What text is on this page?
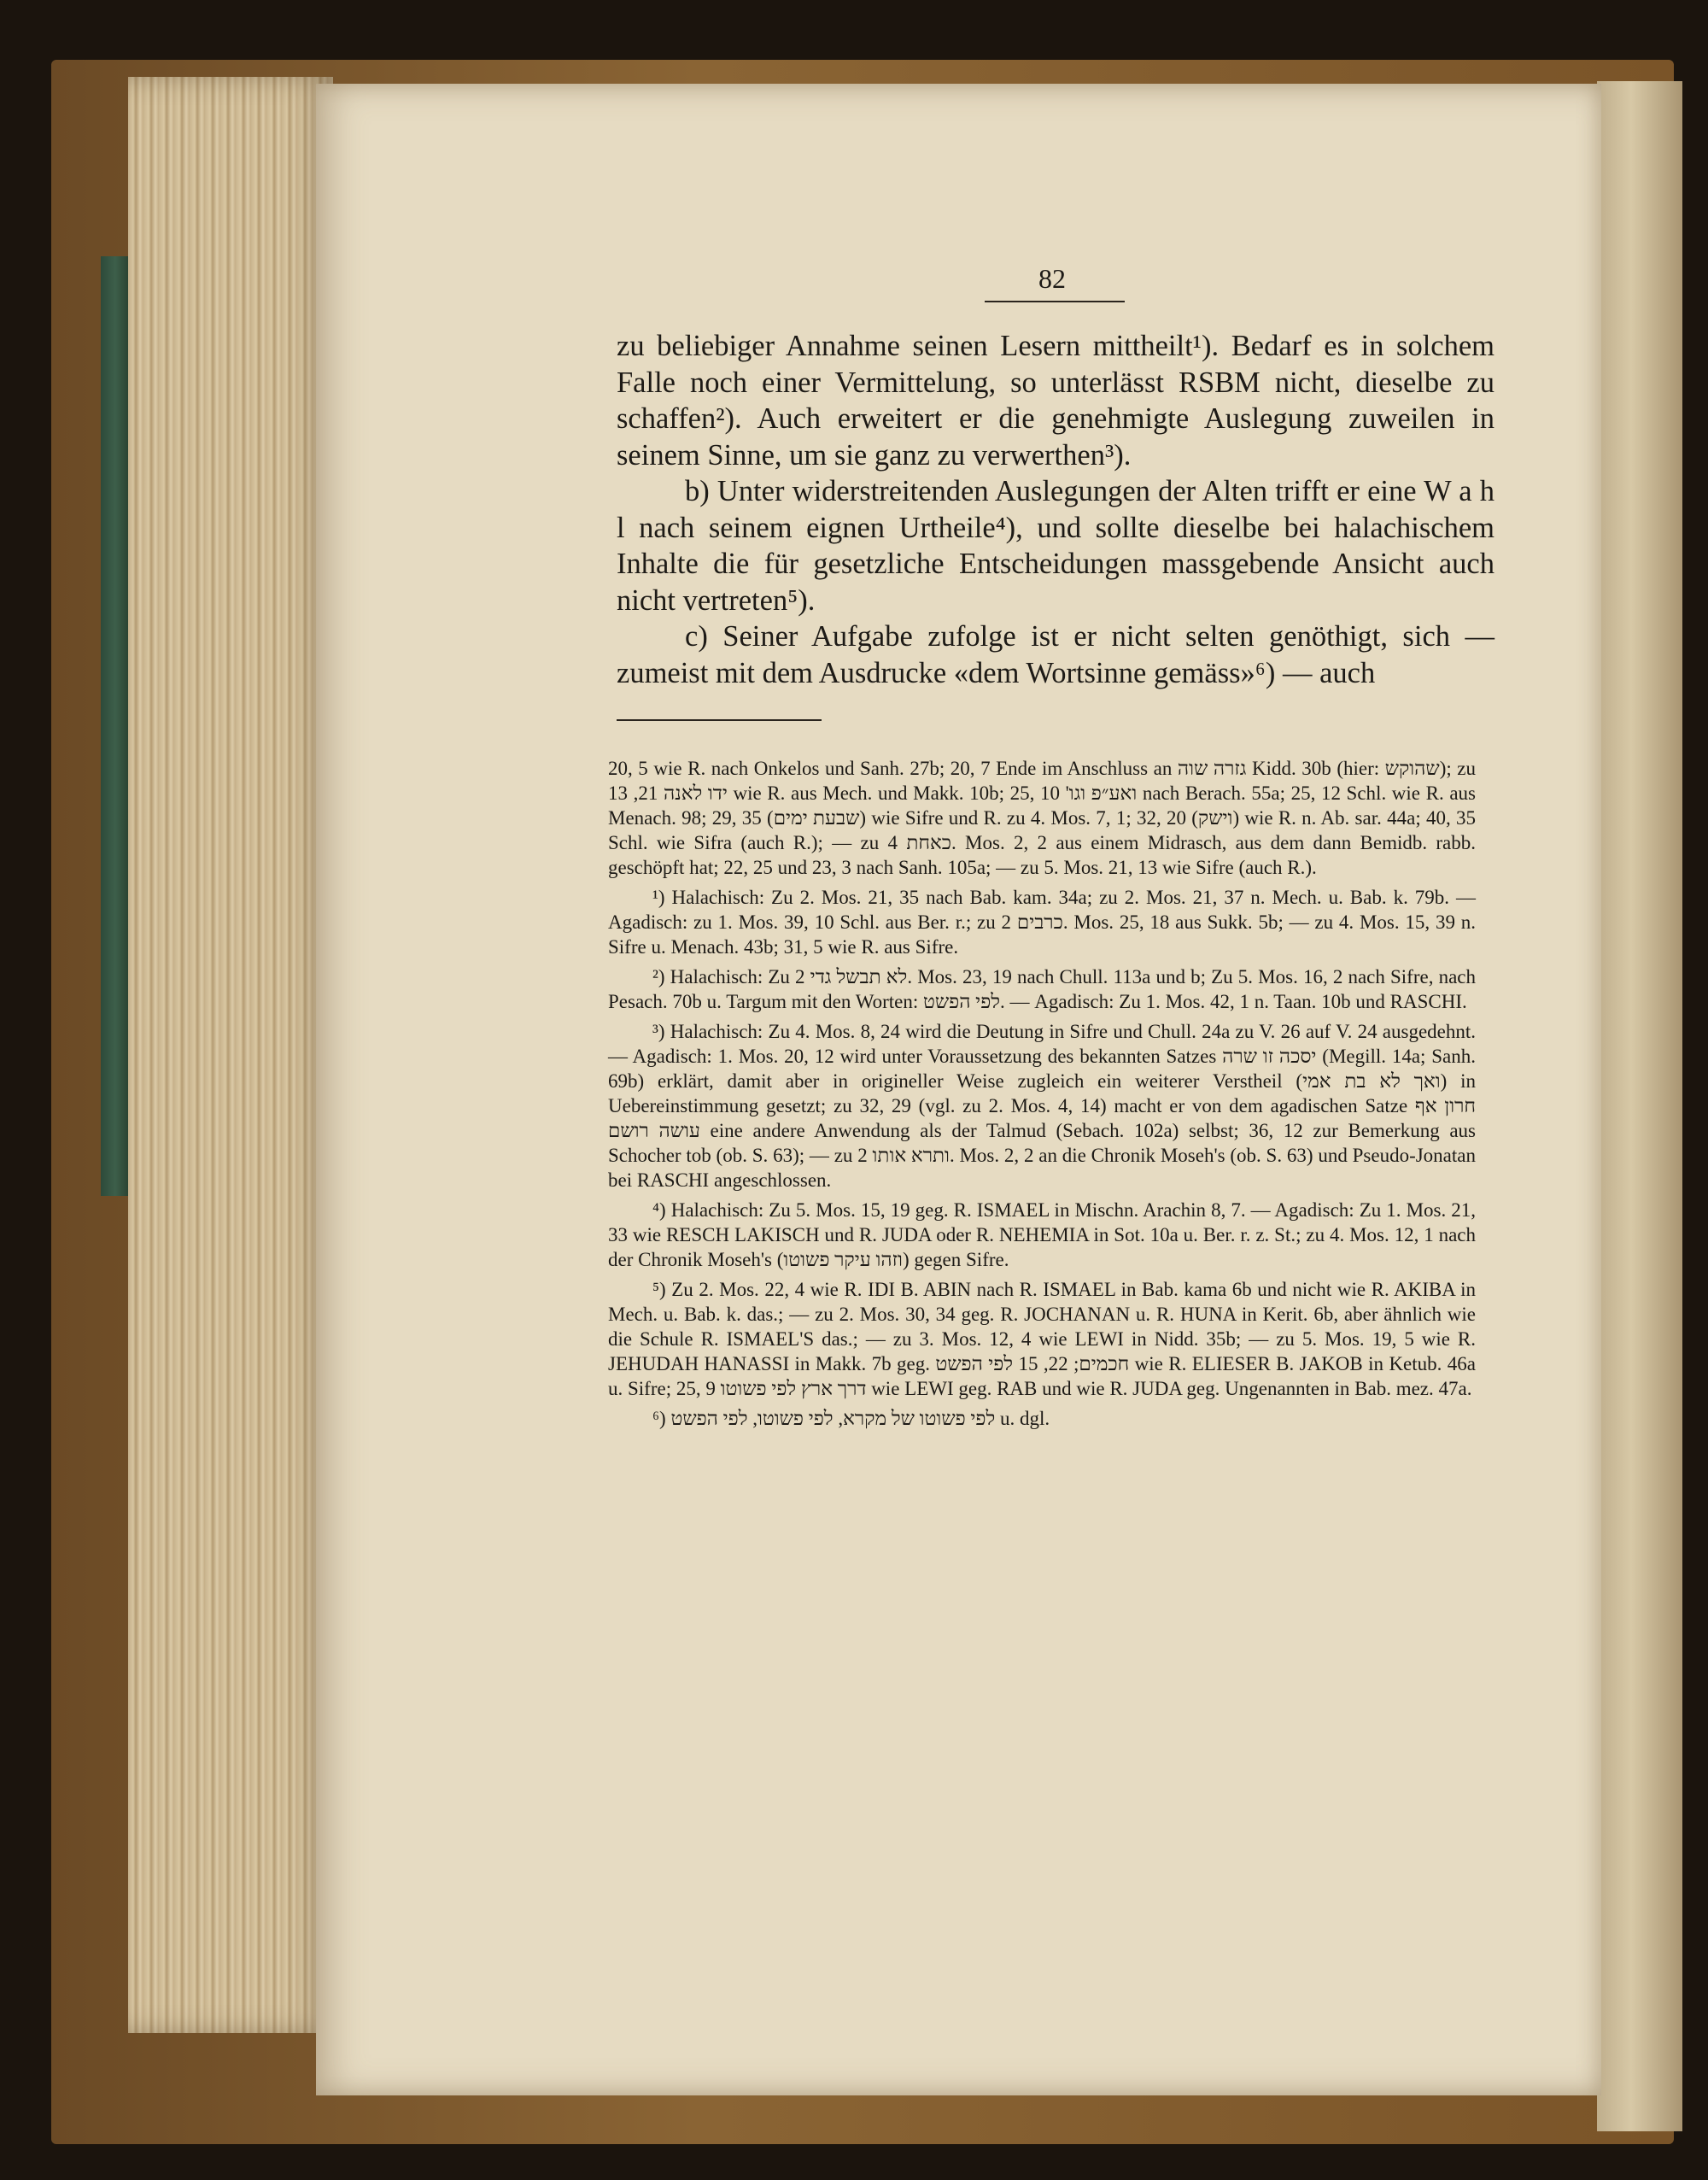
82

zu beliebiger Annahme seinen Lesern mittheilt¹). Bedarf es in solchem Falle noch einer Vermittelung, so unterlässt RSBM nicht, dieselbe zu schaffen²). Auch erweitert er die genehmigte Auslegung zuweilen in seinem Sinne, um sie ganz zu verwerthen³).

b) Unter widerstreitenden Auslegungen der Alten trifft er eine W a h l nach seinem eignen Urtheile⁴), und sollte dieselbe bei halachischem Inhalte die für gesetzliche Entscheidungen massgebende Ansicht auch nicht vertreten⁵).

c) Seiner Aufgabe zufolge ist er nicht selten genöthigt, sich — zumeist mit dem Ausdrucke «dem Wortsinne gemäss»⁶) — auch

20, 5 wie R. nach Onkelos und Sanh. 27b; 20, 7 Ende im Anschluss an גזרה שוה Kidd. 30b (hier: שהוקש); zu ידו לאנה 21, 13 wie R. aus Mech. und Makk. 10b; 25, 10 'ואע״פ וגו nach Berach. 55a; 25, 12 Schl. wie R. aus Menach. 98; 29, 35 (שבעת ימים) wie Sifre und R. zu 4. Mos. 7, 1; 32, 20 (וישק) wie R. n. Ab. sar. 44a; 40, 35 Schl. wie Sifra (auch R.); — zu כאחת 4. Mos. 2, 2 aus einem Midrasch, aus dem dann Bemidb. rabb. geschöpft hat; 22, 25 und 23, 3 nach Sanh. 105a; — zu 5. Mos. 21, 13 wie Sifre (auch R.).

¹) Halachisch: Zu 2. Mos. 21, 35 nach Bab. kam. 34a; zu 2. Mos. 21, 37 n. Mech. u. Bab. k. 79b. — Agadisch: zu 1. Mos. 39, 10 Schl. aus Ber. r.; zu כרבים 2. Mos. 25, 18 aus Sukk. 5b; — zu 4. Mos. 15, 39 n. Sifre u. Menach. 43b; 31, 5 wie R. aus Sifre.

²) Halachisch: Zu לא תבשל גדי 2. Mos. 23, 19 nach Chull. 113a und b; Zu 5. Mos. 16, 2 nach Sifre, nach Pesach. 70b u. Targum mit den Worten: לפי הפשט. — Agadisch: Zu 1. Mos. 42, 1 n. Taan. 10b und RASCHI.

³) Halachisch: Zu 4. Mos. 8, 24 wird die Deutung in Sifre und Chull. 24a zu V. 26 auf V. 24 ausgedehnt. — Agadisch: 1. Mos. 20, 12 wird unter Voraussetzung des bekannten Satzes יסכה זו שרה (Megill. 14a; Sanh. 69b) erklärt, damit aber in origineller Weise zugleich ein weiterer Verstheil (ואך לא בת אמי) in Uebereinstimmung gesetzt; zu 32, 29 (vgl. zu 2. Mos. 4, 14) macht er von dem agadischen Satze חרון אף עושה רושם eine andere Anwendung als der Talmud (Sebach. 102a) selbst; 36, 12 zur Bemerkung aus Schocher tob (ob. S. 63); — zu ותרא אותו 2. Mos. 2, 2 an die Chronik Moseh's (ob. S. 63) und Pseudo-Jonatan bei RASCHI angeschlossen.

⁴) Halachisch: Zu 5. Mos. 15, 19 geg. R. ISMAEL in Mischn. Arachin 8, 7. — Agadisch: Zu 1. Mos. 21, 33 wie RESCH LAKISCH und R. JUDA oder R. NEHEMIA in Sot. 10a u. Ber. r. z. St.; zu 4. Mos. 12, 1 nach der Chronik Moseh's (וזהו עיקר פשוטו) gegen Sifre.

⁵) Zu 2. Mos. 22, 4 wie R. IDI B. ABIN nach R. ISMAEL in Bab. kama 6b und nicht wie R. AKIBA in Mech. u. Bab. k. das.; — zu 2. Mos. 30, 34 geg. R. JOCHANAN u. R. HUNA in Kerit. 6b, aber ähnlich wie die Schule R. ISMAEL'S das.; — zu 3. Mos. 12, 4 wie LEWI in Nidd. 35b; — zu 5. Mos. 19, 5 wie R. JEHUDAH HANASSI in Makk. 7b geg. חכמים; 22, 15 לפי הפשט wie R. ELIESER B. JAKOB in Ketub. 46a u. Sifre; 25, 9 דרך ארץ לפי פשוטו wie LEWI geg. RAB und wie R. JUDA geg. Ungenannten in Bab. mez. 47a.

⁶) לפי פשוטו של מקרא, לפי פשוטו, לפי הפשט u. dgl.
